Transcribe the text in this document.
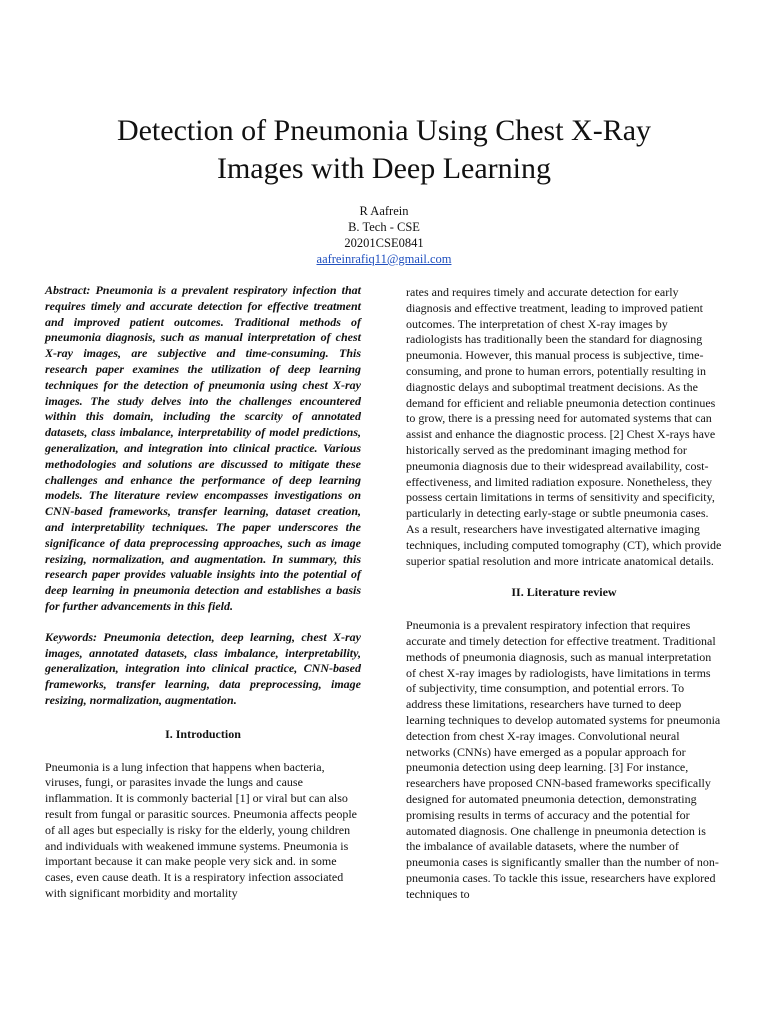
Detection of Pneumonia Using Chest X-Ray
Images with Deep Learning
R Aafrein
B. Tech - CSE
20201CSE0841
aafreinrafiq11@gmail.com

Abstract: Pneumonia is a prevalent respiratory infection that requires timely and accurate detection for effective treatment and improved patient outcomes. Traditional methods of pneumonia diagnosis, such as manual interpretation of chest X-ray images, are subjective and time-consuming. This research paper examines the utilization of deep learning techniques for the detection of pneumonia using chest X-ray images. The study delves into the challenges encountered within this domain, including the scarcity of annotated datasets, class imbalance, interpretability of model predictions, generalization, and integration into clinical practice. Various methodologies and solutions are discussed to mitigate these challenges and enhance the performance of deep learning models. The literature review encompasses investigations on CNN-based frameworks, transfer learning, dataset creation, and interpretability techniques. The paper underscores the significance of data preprocessing approaches, such as image resizing, normalization, and augmentation. In summary, this research paper provides valuable insights into the potential of deep learning in pneumonia detection and establishes a basis for further advancements in this field.

Keywords: Pneumonia detection, deep learning, chest X-ray images, annotated datasets, class imbalance, interpretability, generalization, integration into clinical practice, CNN-based frameworks, transfer learning, data preprocessing, image resizing, normalization, augmentation.

I. Introduction

Pneumonia is a lung infection that happens when bacteria, viruses, fungi, or parasites invade the lungs and cause inflammation. It is commonly bacterial [1] or viral but can also result from fungal or parasitic sources. Pneumonia affects people of all ages but especially is risky for the elderly, young children and individuals with weakened immune systems. Pneumonia is important because it can make people very sick and. in some cases, even cause death. It is a respiratory infection associated with significant morbidity and mortality

rates and requires timely and accurate detection for early diagnosis and effective treatment, leading to improved patient outcomes. The interpretation of chest X-ray images by radiologists has traditionally been the standard for diagnosing pneumonia. However, this manual process is subjective, time-consuming, and prone to human errors, potentially resulting in diagnostic delays and suboptimal treatment decisions. As the demand for efficient and reliable pneumonia detection continues to grow, there is a pressing need for automated systems that can assist and enhance the diagnostic process. [2] Chest X-rays have historically served as the predominant imaging method for pneumonia diagnosis due to their widespread availability, cost-effectiveness, and limited radiation exposure. Nonetheless, they possess certain limitations in terms of sensitivity and specificity, particularly in detecting early-stage or subtle pneumonia cases. As a result, researchers have investigated alternative imaging techniques, including computed tomography (CT), which provide superior spatial resolution and more intricate anatomical details.

II. Literature review

Pneumonia is a prevalent respiratory infection that requires accurate and timely detection for effective treatment. Traditional methods of pneumonia diagnosis, such as manual interpretation of chest X-ray images by radiologists, have limitations in terms of subjectivity, time consumption, and potential errors. To address these limitations, researchers have turned to deep learning techniques to develop automated systems for pneumonia detection from chest X-ray images. Convolutional neural networks (CNNs) have emerged as a popular approach for pneumonia detection using deep learning. [3] For instance, researchers have proposed CNN-based frameworks specifically designed for automated pneumonia detection, demonstrating promising results in terms of accuracy and the potential for automated diagnosis. One challenge in pneumonia detection is the imbalance of available datasets, where the number of pneumonia cases is significantly smaller than the number of non-pneumonia cases. To tackle this issue, researchers have explored techniques to
